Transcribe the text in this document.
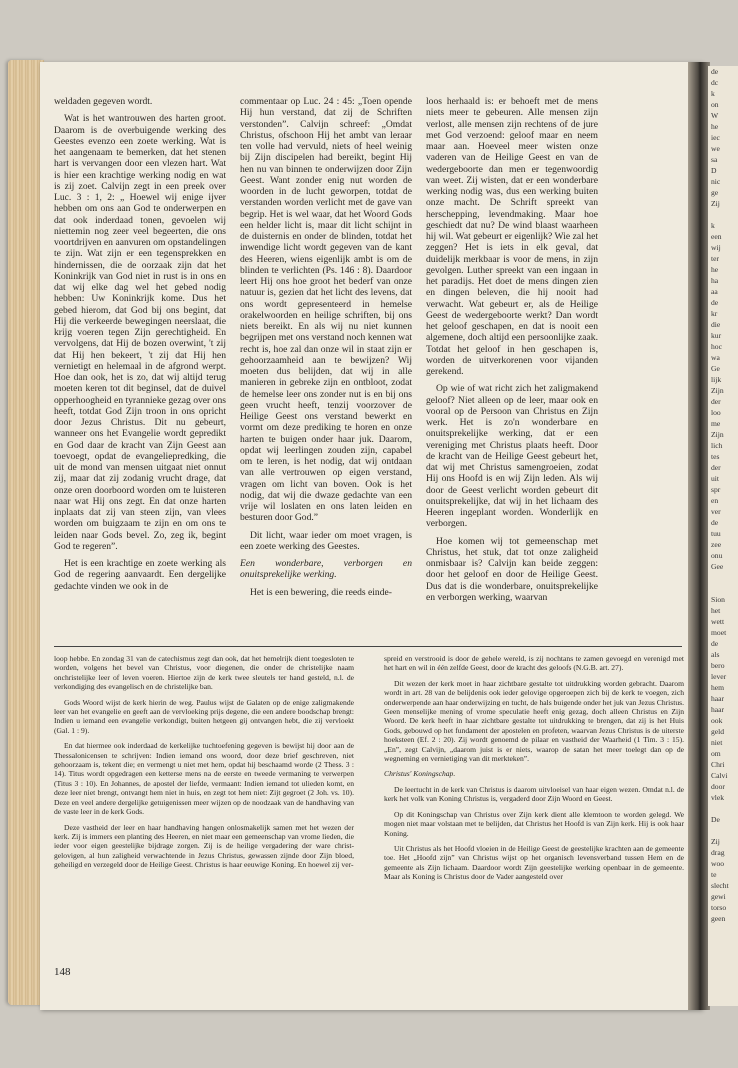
weldaden gegeven wordt.

Wat is het wantrouwen des harten groot. Daarom is de overbuigende werking des Geestes evenzo een zoete werking. Wat is het aangenaam te bemerken, dat het stenen hart is vervangen door een vlezen hart. Wat is hier een krachtige werking nodig en wat is zij zoet. Calvijn zegt in een preek over Luc. 3 : 1, 2: „ Hoewel wij enige ijver hebben om ons aan God te onderwerpen en dat ook inderdaad tonen, gevoelen wij niettemin nog zeer veel begeerten, die ons voortdrijven en aanvuren om opstandelingen te zijn. Wat zijn er een tegensprekken en hindernissen, die de oorzaak zijn dat het Koninkrijk van God niet in rust is in ons en dat wij elke dag wel het gebed nodig hebben: Uw Koninkrijk kome. Dus het gebed hierom, dat God bij ons begint, dat Hij die verkeerde bewegingen neerslaat, die krijg voeren tegen Zijn gerechtigheid. En vervolgens, dat Hij de bozen overwint, 't zij dat Hij hen bekeert, 't zij dat Hij hen vernietigt en helemaal in de afgrond werpt. Hoe dan ook, het is zo, dat wij altijd terug moeten keren tot dit beginsel, dat de duivel opperhoogheid en tyrannieke gezag over ons heeft, totdat God Zijn troon in ons opricht door Jezus Christus. Dit nu gebeurt, wanneer ons het Evangelie wordt gepredikt en God daar de kracht van Zijn Geest aan toevoegt, opdat de evangeliepredking, die uit de mond van mensen uitgaat niet onnut zij, maar dat zij zodanig vrucht drage, dat onze oren doorboord worden om te luisteren naar wat Hij ons zegt. En dat onze harten inplaats dat zij van steen zijn, van vlees worden om buigzaam te zijn en om ons te leiden naar Gods bevel. Zo, zeg ik, begint God te regeren”.

Het is een krachtige en zoete werking als God de regering aanvaardt. Een dergelijke gedachte vinden we ook in de

commentaar op Luc. 24 : 45: „Toen opende Hij hun verstand, dat zij de Schriften verstonden”. Calvijn schreef: „Omdat Christus, ofschoon Hij het ambt van leraar ten volle had vervuld, niets of heel weinig bij Zijn discipelen had bereikt, begint Hij hen nu van binnen te onderwijzen door Zijn Geest. Want zonder enig nut worden de woorden in de lucht geworpen, totdat de verstanden worden verlicht met de gave van begrip. Het is wel waar, dat het Woord Gods een helder licht is, maar dit licht schijnt in de duisternis en onder de blinden, totdat het inwendige licht wordt gegeven van de kant des Heeren, wiens eigenlijk ambt is om de blinden te verlichten (Ps. 146 : 8). Daardoor leert Hij ons hoe groot het bederf van onze natuur is, gezien dat het licht des levens, dat ons wordt gepresenteerd in hemelse orakelwoorden en heilige schriften, bij ons niets bereikt. En als wij nu niet kunnen begrijpen met ons verstand noch kennen wat recht is, hoe zal dan onze wil in staat zijn er gehoorzaamheid aan te bewijzen? Wij moeten dus belijden, dat wij in alle manieren in gebreke zijn en ontbloot, zodat de hemelse leer ons zonder nut is en bij ons geen vrucht heeft, tenzij voorzover de Heilige Geest ons verstand bewerkt en vormt om deze prediking te horen en onze harten te buigen onder haar juk. Daarom, opdat wij leerlingen zouden zijn, capabel om te leren, is het nodig, dat wij ontdaan van alle vertrouwen op eigen verstand, vragen om licht van boven. Ook is het nodig, dat wij die dwaze gedachte van een vrije wil loslaten en ons laten leiden en besturen door God.”

Dit licht, waar ieder om moet vragen, is een zoete werking des Geestes.

Een wonderbare, verborgen en onuitsprekelijke werking.

Het is een bewering, die reeds einde-

loos herhaald is: er behoeft met de mens niets meer te gebeuren. Alle mensen zijn verlost, alle mensen zijn rechtens of de jure met God verzoend: geloof maar en neem maar aan. Hoeveel meer wisten onze vaderen van de Heilige Geest en van de wedergeboorte dan men er tegenwoordig van weet. Zij wisten, dat er een wonderbare werking nodig was, dus een werking buiten onze macht. De Schrift spreekt van herschepping, levendmaking. Maar hoe geschiedt dat nu? De wind blaast waarheen hij wil. Wat gebeurt er eigenlijk? Wie zal het zeggen? Het is iets in elk geval, dat duidelijk merkbaar is voor de mens, in zijn gevolgen. Luther spreekt van een ingaan in het paradijs. Het doet de mens dingen zien en dingen beleven, die hij nooit had verwacht. Wat gebeurt er, als de Heilige Geest de wedergeboorte werkt? Dan wordt het geloof geschapen, en dat is nooit een algemene, doch altijd een persoonlijke zaak. Totdat het geloof in hen geschapen is, worden de uitverkorenen voor vijanden gerekend.

Op wie of wat richt zich het zaligmakend geloof? Niet alleen op de leer, maar ook en vooral op de Persoon van Christus en Zijn werk. Het is zo'n wonderbare en onuitsprekelijke werking, dat er een vereniging met Christus plaats heeft. Door de kracht van de Heilige Geest gebeurt het, dat wij met Christus samengroeien, zodat Hij ons Hoofd is en wij Zijn leden. Als wij door de Geest verlicht worden gebeurt dit onuitsprekelijke, dat wij in het lichaam des Heeren ingeplant worden. Wonderlijk en verborgen.

Hoe komen wij tot gemeenschap met Christus, het stuk, dat tot onze zaligheid onmisbaar is? Calvijn kan beide zeggen: door het geloof en door de Heilige Geest. Dus dat is die wonderbare, onuitsprekelijke en verborgen werking, waarvan

loop hebbe. En zondag 31 van de catechismus zegt dan ook, dat het hemelrijk dient toegesloten te worden, volgens het bevel van Christus, voor diegenen, die onder de christelijke naam onchristelijke leer of leven voeren. Hiertoe zijn de kerk twee sleutels ter hand gesteld, n.l. de verkondiging des evangelisch en de christelijke ban.

Gods Woord wijst de kerk hierin de weg. Paulus wijst de Galaten op de enige zaligmakende leer van het evangelie en geeft aan de vervloeking prijs degene, die een andere boodschap brengt: Indien u iemand een evangelie verkondigt, buiten hetgeen gij ontvangen hebt, die zij vervloekt (Gal. 1 : 9).

En dat hiermee ook inderdaad de kerkelijke tuchtoefening gegeven is bewijst hij door aan de Thessalonicensen te schrijven: Indien iemand ons woord, door deze brief geschreven, niet gehoorzaam is, tekent die; en vermengt u niet met hem, opdat hij beschaamd worde (2 Thess. 3 : 14). Titus wordt opgedragen een ketterse mens na de eerste en tweede vermaning te verwerpen (Titus 3 : 10). En Johannes, de apostel der liefde, vermaant: Indien iemand tot ulieden komt, en deze leer niet brengt, ontvangt hem niet in huis, en zegt tot hem niet: Zijt gegroet (2 Joh. vs. 10). Deze en veel andere dergelijke getuigenissen meer wijzen op de noodzaak van de handhaving van de vaste leer in de kerk Gods.

Deze vastheid der leer en haar handhaving hangen onlosmakelijk samen met het wezen der kerk. Zij is immers een planting des Heeren, en niet maar een gemeenschap van vrome lieden, die ieder voor eigen geestelijke bijdrage zorgen. Zij is de heilige vergadering der ware christ-gelovigen, al hun zaligheid verwachtende in Jezus Christus, gewassen zijnde door Zijn bloed, geheiligd en verzegeld door de Heilige Geest. Christus is haar eeuwige Koning. En hoewel zij ver-

spreid en verstrooid is door de gehele wereld, is zij nochtans te zamen gevoegd en verenigd met het hart en wil in één zelfde Geest, door de kracht des geloofs (N.G.B. art. 27).

Dit wezen der kerk moet in haar zichtbare gestalte tot uitdrukking worden gebracht. Daarom wordt in art. 28 van de belijdenis ook ieder gelovige opgeroepen zich bij de kerk te voegen, zich onderwerpende aan haar onderwijzing en tucht, de hals buigende onder het juk van Jezus Christus. Geen menselijke mening of vrome speculatie heeft enig gezag, doch alleen Christus en Zijn Woord. De kerk heeft in haar zichtbare gestalte tot uitdrukking te brengen, dat zij is het Huis Gods, gebouwd op het fundament der apostelen en profeten, waarvan Jezus Christus is de uiterste hoeksteen (Ef. 2 : 20). Zij wordt genoemd de pilaar en vastheid der Waarheid (1 Tim. 3 : 15). „En”, zegt Calvijn, „daarom juist is er niets, waarop de satan het meer toelegt dan op de wegneming en vernietiging van dit merkteken”.

Christus' Koningschap.

De leertucht in de kerk van Christus is daarom uitvloeisel van haar eigen wezen. Omdat n.l. de kerk het volk van Koning Christus is, vergaderd door Zijn Woord en Geest.

Op dit Koningschap van Christus over Zijn kerk dient alle klemtoon te worden gelegd. We mogen niet maar volstaan met te belijden, dat Christus het Hoofd is van Zijn kerk. Hij is ook haar Koning.

Uit Christus als het Hoofd vloeien in de Heilige Geest de geestelijke krachten aan de gemeente toe. Het „Hoofd zijn” van Christus wijst op het organisch levensverband tussen Hem en de gemeente als Zijn lichaam. Daardoor wordt Zijn geestelijke werking openbaar in de gemeente. Maar als Koning is Christus door de Vader aangesteld over

148
de
dc
k
on
W
he
iec
we
sa
D
nic
ge
Zij

k
een
wij
ter
he
ha
aa
de
kr
die
kur
hoc
wa
Ge
lijk
Zijn
der
loo
me
Zijn
lich
tes
der
uit
spr
en
ver
de
tuu
zee
onu
Gee

Sion
het
wett
moet
de
als
bero
lever
hem
haar
haar
ook
geld
niet
om
Chri
Calvi
door
vlek

De

Zij
drag
woo
te
slecht
gewi
torso
geen
